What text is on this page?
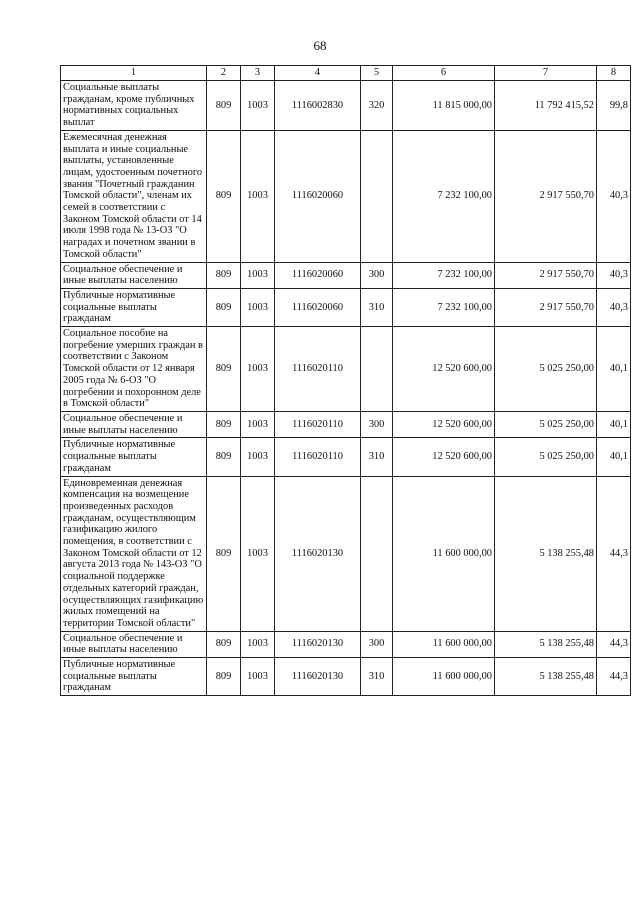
68
1	2	3	4	5	6	7	8
Социальные выплаты гражданам, кроме публичных нормативных социальных выплат	809	1003	1116002830	320	11 815 000,00	11 792 415,52	99,8
Ежемесячная денежная выплата и иные социальные выплаты, установленные лицам, удостоенным почетного звания "Почетный гражданин Томской области", членам их семей в соответствии с Законом Томской области от 14 июля 1998 года № 13-ОЗ "О наградах и почетном звании в Томской области"	809	1003	1116020060		7 232 100,00	2 917 550,70	40,3
Социальное обеспечение и иные выплаты населению	809	1003	1116020060	300	7 232 100,00	2 917 550,70	40,3
Публичные нормативные социальные выплаты гражданам	809	1003	1116020060	310	7 232 100,00	2 917 550,70	40,3
Социальное пособие на погребение умерших граждан в соответствии с Законом Томской области от 12 января 2005 года № 6-ОЗ "О погребении и похоронном деле в Томской области"	809	1003	1116020110		12 520 600,00	5 025 250,00	40,1
Социальное обеспечение и иные выплаты населению	809	1003	1116020110	300	12 520 600,00	5 025 250,00	40,1
Публичные нормативные социальные выплаты гражданам	809	1003	1116020110	310	12 520 600,00	5 025 250,00	40,1
Единовременная денежная компенсация на возмещение произведенных расходов гражданам, осуществляющим газификацию жилого помещения, в соответствии с Законом Томской области от 12 августа 2013 года № 143-ОЗ "О социальной поддержке отдельных категорий граждан, осуществляющих газификацию жилых помещений на территории Томской области"	809	1003	1116020130		11 600 000,00	5 138 255,48	44,3
Социальное обеспечение и иные выплаты населению	809	1003	1116020130	300	11 600 000,00	5 138 255,48	44,3
Публичные нормативные социальные выплаты гражданам	809	1003	1116020130	310	11 600 000,00	5 138 255,48	44,3
